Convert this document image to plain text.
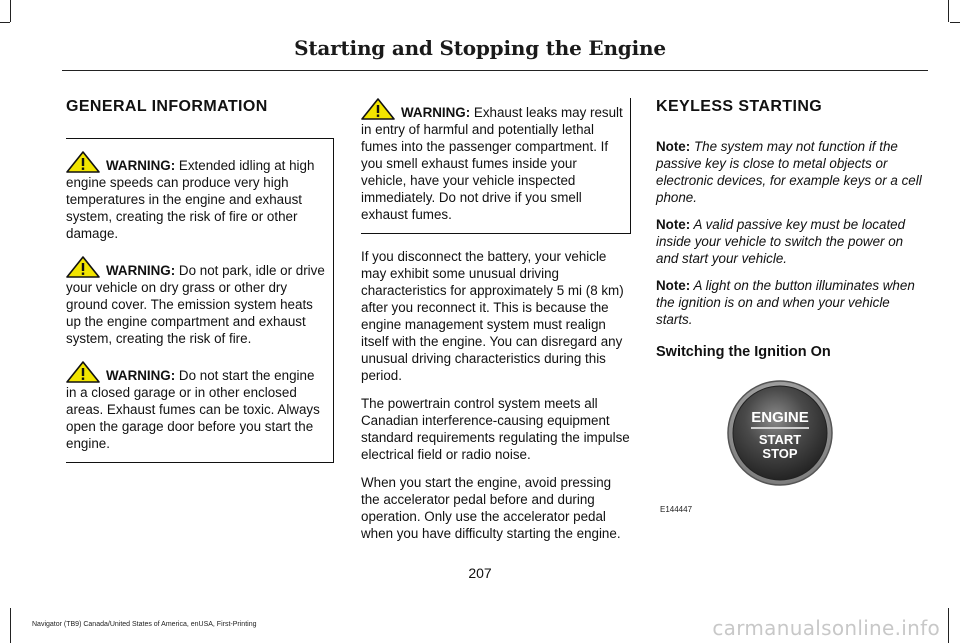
Starting and Stopping the Engine
GENERAL INFORMATION
WARNING: Extended idling at high engine speeds can produce very high temperatures in the engine and exhaust system, creating the risk of fire or other damage.
WARNING: Do not park, idle or drive your vehicle on dry grass or other dry ground cover. The emission system heats up the engine compartment and exhaust system, creating the risk of fire.
WARNING: Do not start the engine in a closed garage or in other enclosed areas. Exhaust fumes can be toxic. Always open the garage door before you start the engine.
WARNING: Exhaust leaks may result in entry of harmful and potentially lethal fumes into the passenger compartment. If you smell exhaust fumes inside your vehicle, have your vehicle inspected immediately. Do not drive if you smell exhaust fumes.

If you disconnect the battery, your vehicle may exhibit some unusual driving characteristics for approximately 5 mi (8 km) after you reconnect it. This is because the engine management system must realign itself with the engine. You can disregard any unusual driving characteristics during this period.

The powertrain control system meets all Canadian interference-causing equipment standard requirements regulating the impulse electrical field or radio noise.

When you start the engine, avoid pressing the accelerator pedal before and during operation. Only use the accelerator pedal when you have difficulty starting the engine.

KEYLESS STARTING
Note: The system may not function if the passive key is close to metal objects or electronic devices, for example keys or a cell phone.
Note: A valid passive key must be located inside your vehicle to switch the power on and start your vehicle.
Note: A light on the button illuminates when the ignition is on and when your vehicle starts.
Switching the Ignition On
ENGINE
START
STOP
E144447
207
Navigator (TB9) Canada/United States of America, enUSA, First-Printing	carmanualsonline.info
